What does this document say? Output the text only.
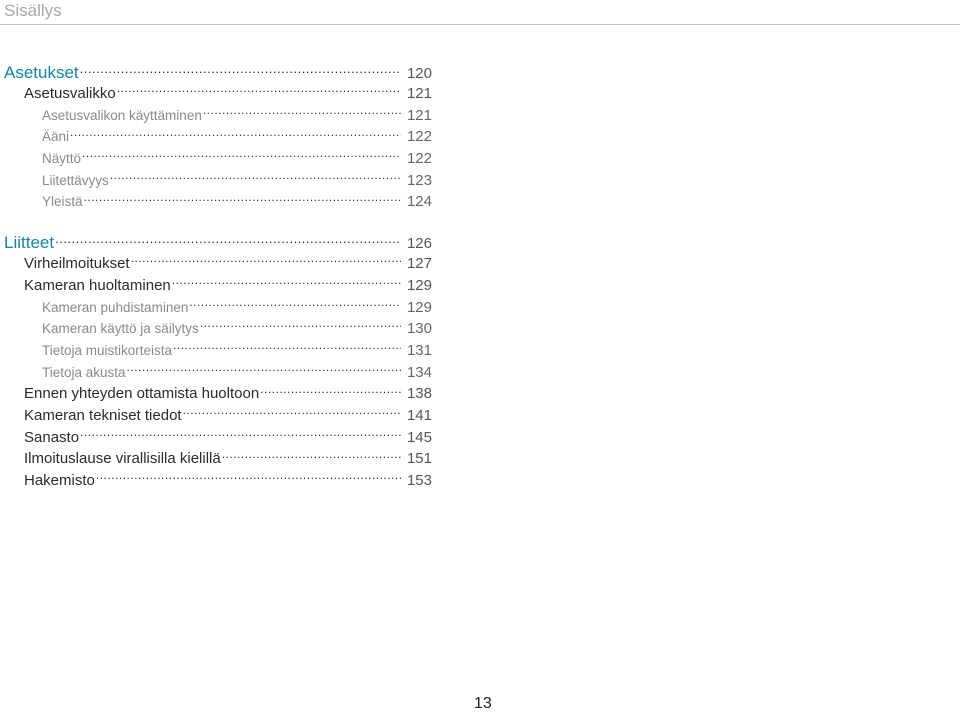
Sisällys
Asetukset .....	120
Asetusvalikko .....	121
Asetusvalikon käyttäminen .....	121
Ääni .....	122
Näyttö .....	122
Liitettävyys .....	123
Yleistä .....	124
Liitteet .....	126
Virheilmoitukset .....	127
Kameran huoltaminen .....	129
Kameran puhdistaminen .....	129
Kameran käyttö ja säilytys .....	130
Tietoja muistikorteista .....	131
Tietoja akusta .....	134
Ennen yhteyden ottamista huoltoon .....	138
Kameran tekniset tiedot .....	141
Sanasto .....	145
Ilmoituslause virallisilla kielillä .....	151
Hakemisto .....	153
13
